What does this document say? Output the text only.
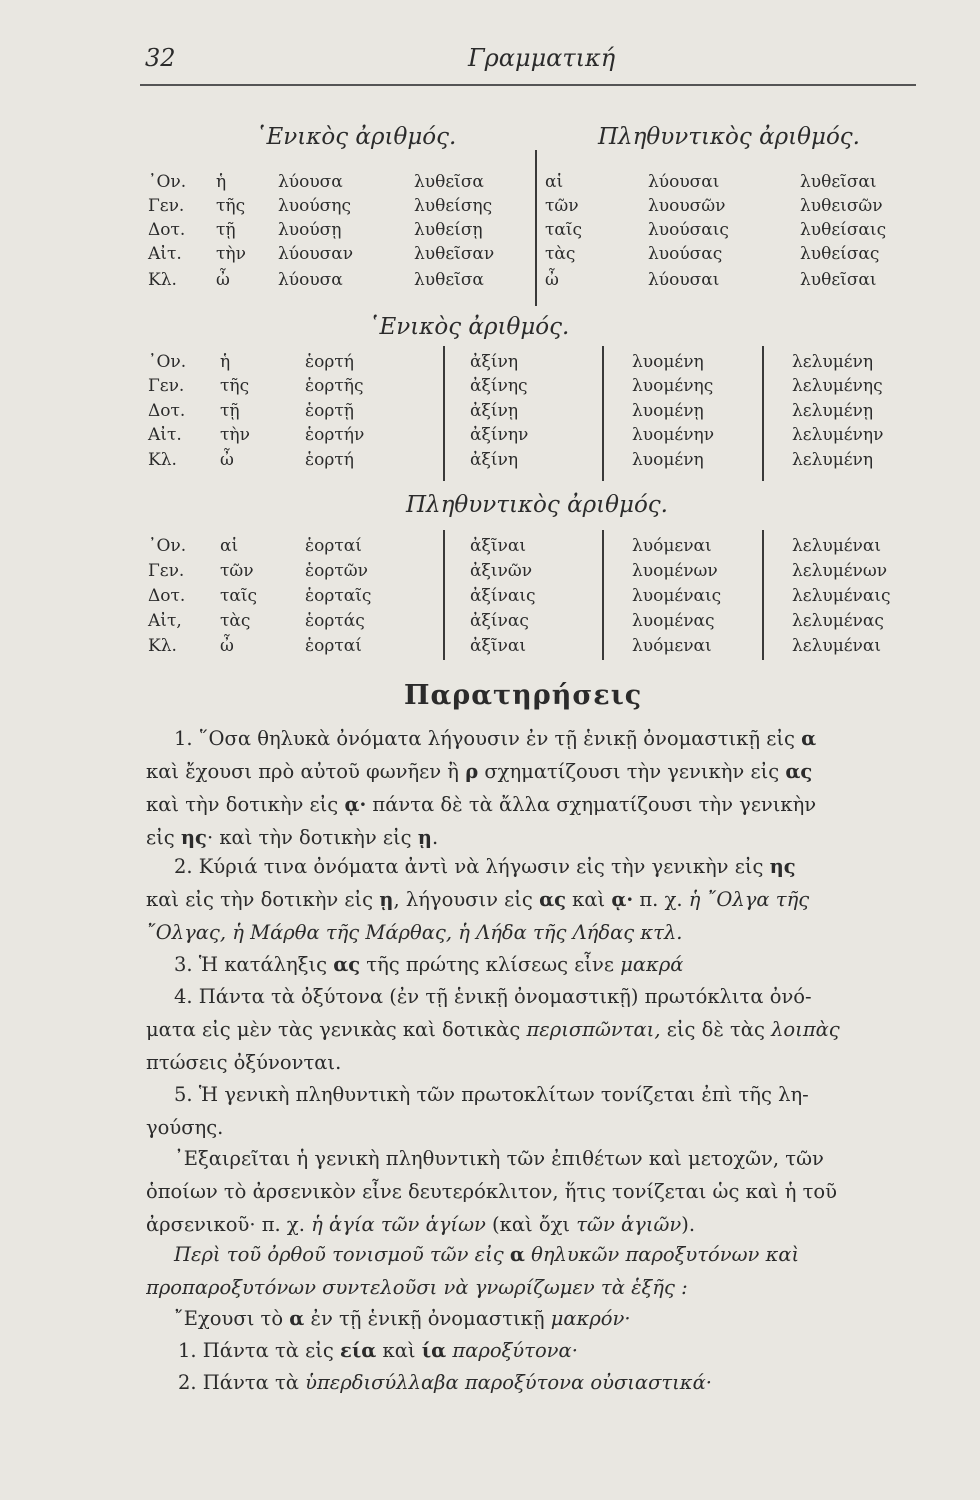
32	Γραμματική
῾Ενικὸς ἀριθμός.	Πληθυντικὸς ἀριθμός.
᾿Ον. ἡ	λύουσα	λυθεῖσα	αἱ	λύουσαι	λυθεῖσαι
Γεν. τῆς λυούσης	λυθείσης	τῶν	λυουσῶν	λυθεισῶν
Δοτ. τῇ λυούσῃ	λυθείσῃ	ταῖς	λυούσαις	λυθείσαις
Αἰτ. τὴν λύουσαν	λυθεῖσαν	τὰς	λυούσας	λυθείσας
Κλ. ὦ	λύουσα	λυθεῖσα	ὦ	λύουσαι	λυθεῖσαι
῾Ενικὸς ἀριθμός.
᾿Ον. ἡ	ἑορτή	ἀξίνη	λυομένη	λελυμένη
Γεν. τῆς	ἑορτῆς	ἀξίνης	λυομένης	λελυμένης
Δοτ. τῇ	ἑορτῇ	ἀξίνῃ	λυομένῃ	λελυμένῃ
Αἰτ. τὴν	ἑορτήν	ἀξίνην	λυομένην	λελυμένην
Κλ.	ὦ	ἑορτή	ἀξίνη	λυομένη	λελυμένη
Πληθυντικὸς ἀριθμός.
᾿Ον. αἱ	ἑορταί	ἀξῖναι	λυόμεναι	λελυμέναι
Γεν. τῶν	ἑορτῶν	ἀξινῶν	λυομένων	λελυμένων
Δοτ. ταῖς	ἑορταῖς	ἀξίναις	λυομέναις	λελυμέναις
Αἰτ, τὰς	ἑορτάς	ἀξίνας	λυομένας	λελυμένας
Κλ.	ὦ	ἑορταί	ἀξῖναι	λυόμεναι	λελυμέναι
Παρατηρήσεις
1. ῞Οσα θηλυκὰ ὀνόματα λήγουσιν ἐν τῇ ἑνικῇ ὀνομαστικῇ εἰς α
καὶ ἔχουσι πρὸ αὐτοῦ φωνῆεν ἢ ρ σχηματίζουσι τὴν γενικὴν εἰς ας
καὶ τὴν δοτικὴν εἰς ᾳ· πάντα δὲ τὰ ἄλλα σχηματίζουσι τὴν γενικὴν
εἰς ης· καὶ τὴν δοτικὴν εἰς ῃ.
2. Κύριά τινα ὀνόματα ἀντὶ νὰ λήγωσιν εἰς τὴν γενικὴν εἰς ης
καὶ εἰς τὴν δοτικὴν εἰς ῃ, λήγουσιν εἰς ας καὶ ᾳ· π. χ. ἡ ῎Ολγα τῆς
῎Ολγας, ἡ Μάρθα τῆς Μάρθας, ἡ Λήδα τῆς Λήδας κτλ.
3. Ἡ κατάληξις ας τῆς πρώτης κλίσεως εἶνε μακρά
4. Πάντα τὰ ὀξύτονα (ἐν τῇ ἑνικῇ ὀνομαστικῇ) πρωτόκλιτα ὀνό-
ματα εἰς μὲν τὰς γενικὰς καὶ δοτικὰς περισπῶνται, εἰς δὲ τὰς λοιπὰς
πτώσεις ὀξύνονται.
5. Ἡ γενικὴ πληθυντικὴ τῶν πρωτοκλίτων τονίζεται ἐπὶ τῆς λη-
γούσης.
᾿Εξαιρεῖται ἡ γενικὴ πληθυντικὴ τῶν ἐπιθέτων καὶ μετοχῶν, τῶν
ὁποίων τὸ ἀρσενικὸν εἶνε δευτερόκλιτον, ἥτις τονίζεται ὡς καὶ ἡ τοῦ
ἀρσενικοῦ· π. χ. ἡ ἁγία τῶν ἁγίων (καὶ ὄχι τῶν ἁγιῶν).
Περὶ τοῦ ὀρθοῦ τονισμοῦ τῶν εἰς α θηλυκῶν παροξυτόνων καὶ
προπαροξυτόνων συντελοῦσι νὰ γνωρίζωμεν τὰ ἑξῆς :
῎Εχουσι τὸ α ἐν τῇ ἑνικῇ ὀνομαστικῇ μακρόν·
1. Πάντα τὰ εἰς εία καὶ ία παροξύτονα·
2. Πάντα τὰ ὑπερδισύλλαβα παροξύτονα οὐσιαστικά·
